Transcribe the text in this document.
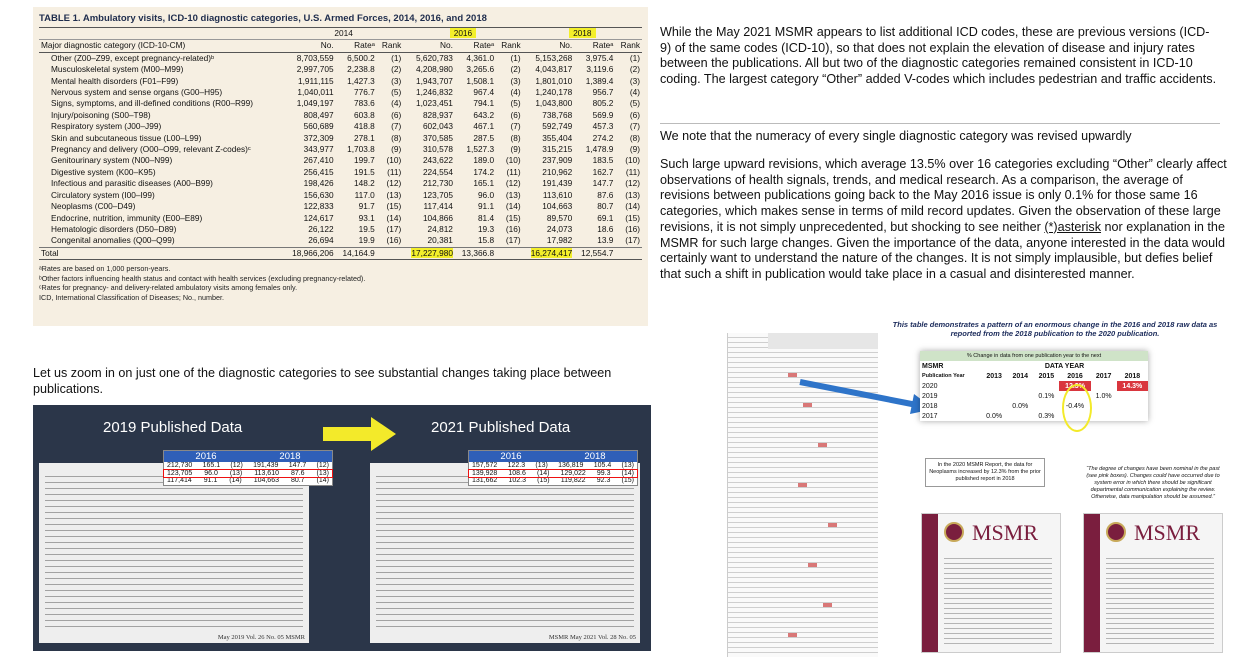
TABLE 1. Ambulatory visits, ICD-10 diagnostic categories, U.S. Armed Forces, 2014, 2016, and 2018
	2014			2016			2018		
Major diagnostic category (ICD-10-CM)	No.	Rateᵃ	Rank	No.	Rateᵃ	Rank	No.	Rateᵃ	Rank
Other (Z00–Z99, except pregnancy-related)ᵇ	8,703,559	6,500.2	(1)	5,620,783	4,361.0	(1)	5,153,268	3,975.4	(1)
Musculoskeletal system (M00–M99)	2,997,705	2,238.8	(2)	4,208,980	3,265.6	(2)	4,043,817	3,119.6	(2)
Mental health disorders (F01–F99)	1,911,115	1,427.3	(3)	1,943,707	1,508.1	(3)	1,801,010	1,389.4	(3)
Nervous system and sense organs (G00–H95)	1,040,011	776.7	(5)	1,246,832	967.4	(4)	1,240,178	956.7	(4)
Signs, symptoms, and ill-defined conditions (R00–R99)	1,049,197	783.6	(4)	1,023,451	794.1	(5)	1,043,800	805.2	(5)
Injury/poisoning (S00–T98)	808,497	603.8	(6)	828,937	643.2	(6)	738,768	569.9	(6)
Respiratory system (J00–J99)	560,689	418.8	(7)	602,043	467.1	(7)	592,749	457.3	(7)
Skin and subcutaneous tissue (L00–L99)	372,309	278.1	(8)	370,585	287.5	(8)	355,404	274.2	(8)
Pregnancy and delivery (O00–O99, relevant Z-codes)ᶜ	343,977	1,703.8	(9)	310,578	1,527.3	(9)	315,215	1,478.9	(9)
Genitourinary system (N00–N99)	267,410	199.7	(10)	243,622	189.0	(10)	237,909	183.5	(10)
Digestive system (K00–K95)	256,415	191.5	(11)	224,554	174.2	(11)	210,962	162.7	(11)
Infectious and parasitic diseases (A00–B99)	198,426	148.2	(12)	212,730	165.1	(12)	191,439	147.7	(12)
Circulatory system (I00–I99)	156,630	117.0	(13)	123,705	96.0	(13)	113,610	87.6	(13)
Neoplasms (C00–D49)	122,833	91.7	(15)	117,414	91.1	(14)	104,663	80.7	(14)
Endocrine, nutrition, immunity (E00–E89)	124,617	93.1	(14)	104,866	81.4	(15)	89,570	69.1	(15)
Hematologic disorders (D50–D89)	26,122	19.5	(17)	24,812	19.3	(16)	24,073	18.6	(16)
Congenital anomalies (Q00–Q99)	26,694	19.9	(16)	20,381	15.8	(17)	17,982	13.9	(17)
Total	18,966,206	14,164.9		17,227,980	13,366.8		16,274,417	12,554.7	
ᵃRates are based on 1,000 person-years.
ᵇOther factors influencing health status and contact with health services (excluding pregnancy-related).
ᶜRates for pregnancy- and delivery-related ambulatory visits among females only.
ICD, International Classification of Diseases; No., number.

While the May 2021 MSMR appears to list additional ICD codes, these are previous versions (ICD-9) of the same codes (ICD-10), so that does not explain the elevation of disease and injury rates between the publications. All but two of the diagnostic categories remained consistent in ICD-10 coding. The largest category “Other” added V-codes which includes pedestrian and traffic accidents.

We note that the numeracy of every single diagnostic category was revised upwardly

Such large upward revisions, which average 13.5% over 16 categories excluding “Other” clearly affect observations of health signals, trends, and medical research. As a comparison, the average of revisions between publications going back to the May 2016 issue is only 0.1% for those same 16 categories, which makes sense in terms of mild record updates. Given the observation of these large revisions, it is not simply unprecedented, but shocking to see neither (*)asterisk nor explanation in the MSMR for such large changes. Given the importance of the data, anyone interested in the data would certainly want to understand the nature of the changes. It is not simply implausible, but defies belief that such a shift in publication would take place in a casual and disinterested manner.

Let us zoom in on just one of the diagnostic categories to see substantial changes taking place between publications.

2019 Published Data	2021 Published Data
May 2019 Vol. 26 No. 05 MSMR	MSMR May 2021 Vol. 28 No. 05
2016	2018
212,730 165.1 (12) 191,439 147.7 (12)
123,705 96.0 (13) 113,610 87.6 (13)
117,414 91.1 (14) 104,663 80.7 (14)
2016	2018
157,572 122.3 (13) 136,819 105.4 (13)
139,928 108.6 (14) 129,022 99.3 (14)
131,662 102.3 (15) 119,822 92.3 (15)
This table demonstrates a pattern of an enormous change in the 2016 and 2018 raw data as reported from the 2018 publication to the 2020 publication.
% Change in data from one publication year to the next
MSMR	DATA YEAR					
Publication Year	2013	2014	2015	2016	2017	2018
2020				12.3%		14.3%
2019			0.1%		1.0%	
2018		0.0%		-0.4%		
2017	0.0%		0.3%			
In the 2020 MSMR Report, the data for Neoplasms increased by 12.3% from the prior published report in 2018
“The degree of changes have been nominal in the past (see pink boxes). Changes could have occurred due to system error in which there should be significant departmental communication explaining the review. Otherwise, data manipulation should be assumed.”
MSMR	MSMR
